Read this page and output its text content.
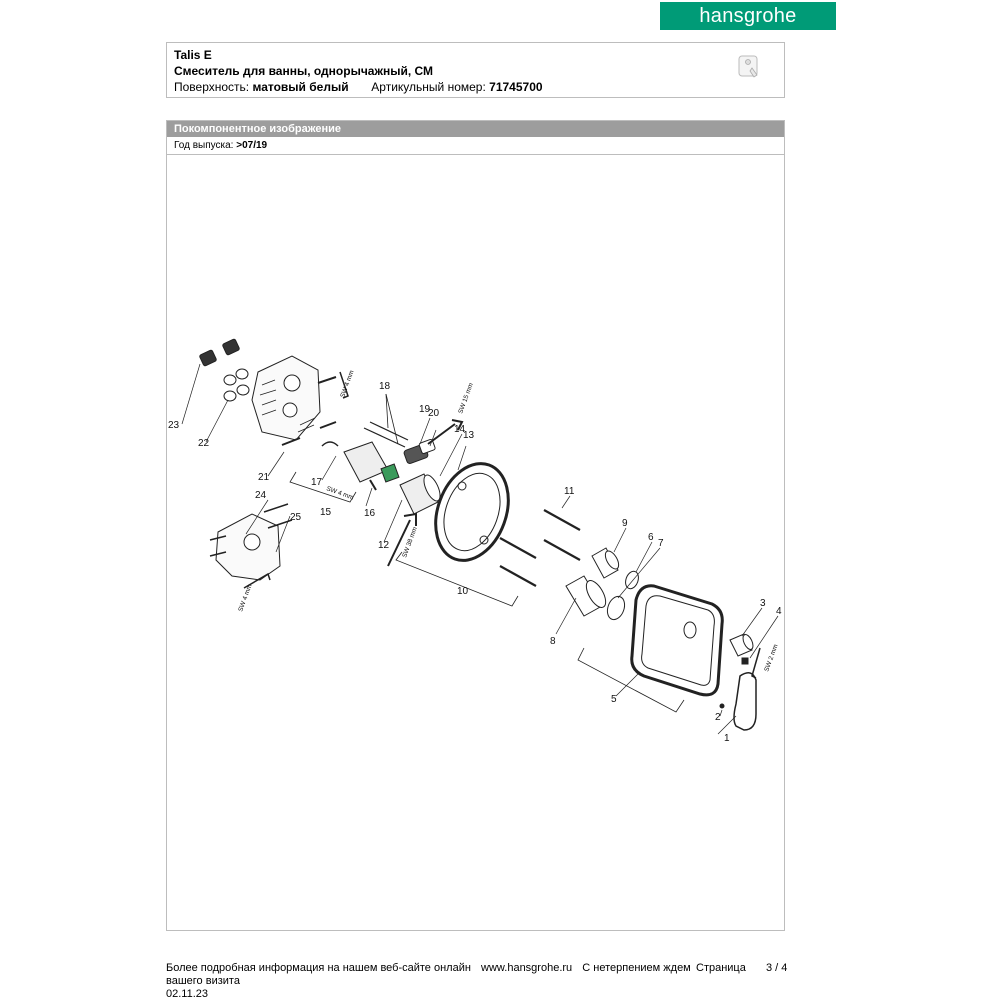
hansgrohe
Talis E
Смеситель для ванны, однорычажный, СМ
Поверхность: матовый белый Артикульный номер: 71745700
Покомпонентное изображение
Год выпуска: >07/19
1
2
3
4
5
6
7
8
9
10
11
12
13
14
15	16
17
18
19
20
21
22
23
24
25
SW 4 mm	SW 15 mm
SW 4 mm
SW 38 mm
SW 4 mm
SW 2 mm
Более подробная информация на нашем веб-сайте онлайн www.hansgrohe.ru С нетерпением ждем Страница 3 / 4
вашего визита
02.11.23
